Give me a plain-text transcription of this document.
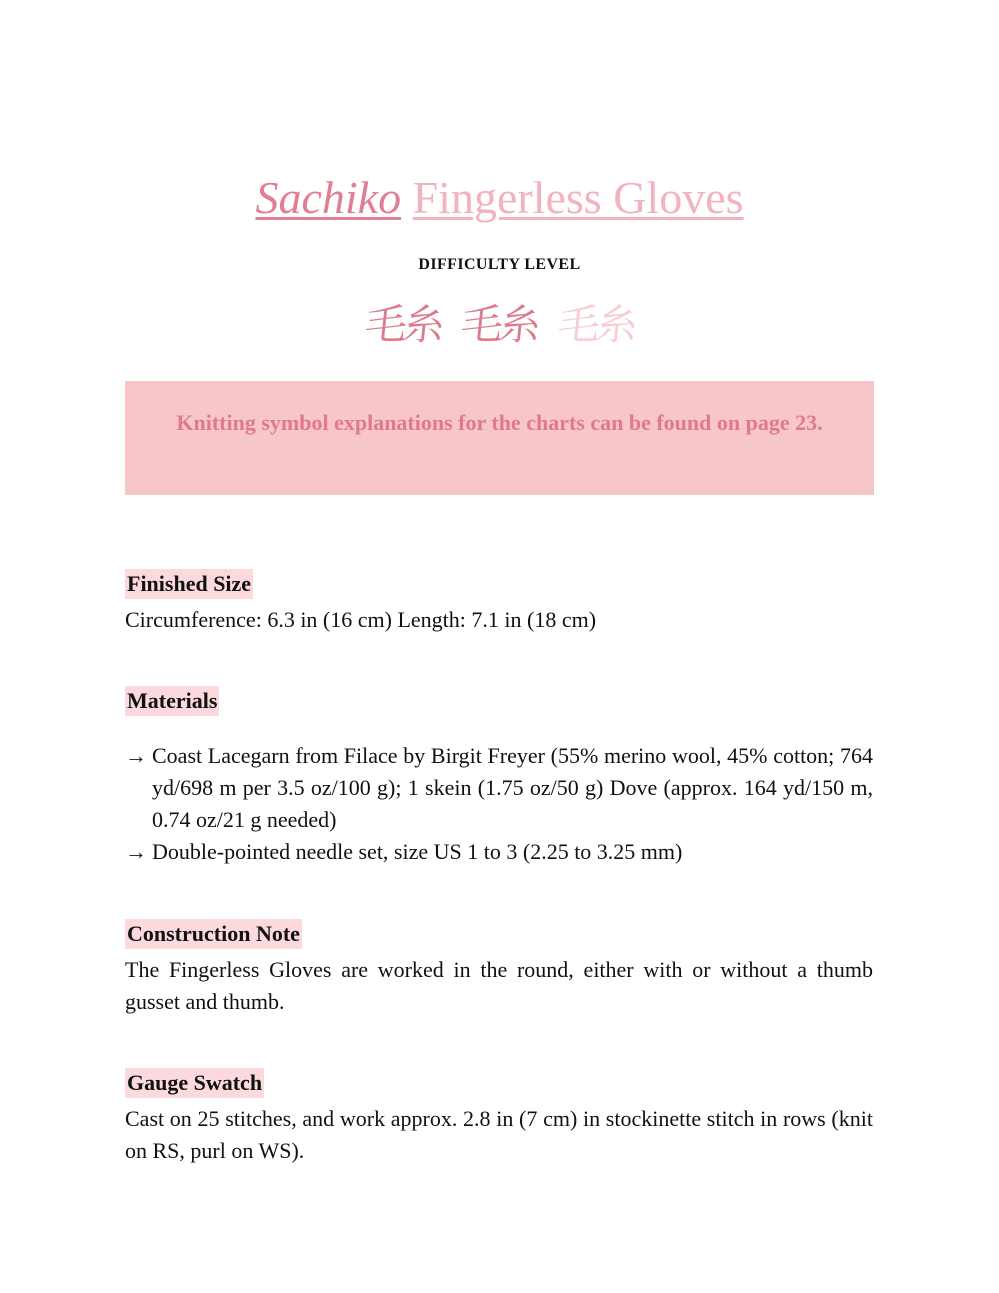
Sachiko Fingerless Gloves
DIFFICULTY LEVEL
毛糸 毛糸 毛糸
Knitting symbol explanations for the charts can be found on page 23.
Finished Size
Circumference: 6.3 in (16 cm) Length: 7.1 in (18 cm)
Materials
→ Coast Lacegarn from Filace by Birgit Freyer (55% merino wool, 45% cotton; 764 yd/698 m per 3.5 oz/100 g); 1 skein (1.75 oz/50 g) Dove (approx. 164 yd/150 m, 0.74 oz/21 g needed)
→ Double-pointed needle set, size US 1 to 3 (2.25 to 3.25 mm)
Construction Note
The Fingerless Gloves are worked in the round, either with or without a thumb gusset and thumb.
Gauge Swatch
Cast on 25 stitches, and work approx. 2.8 in (7 cm) in stockinette stitch in rows (knit on RS, purl on WS).
